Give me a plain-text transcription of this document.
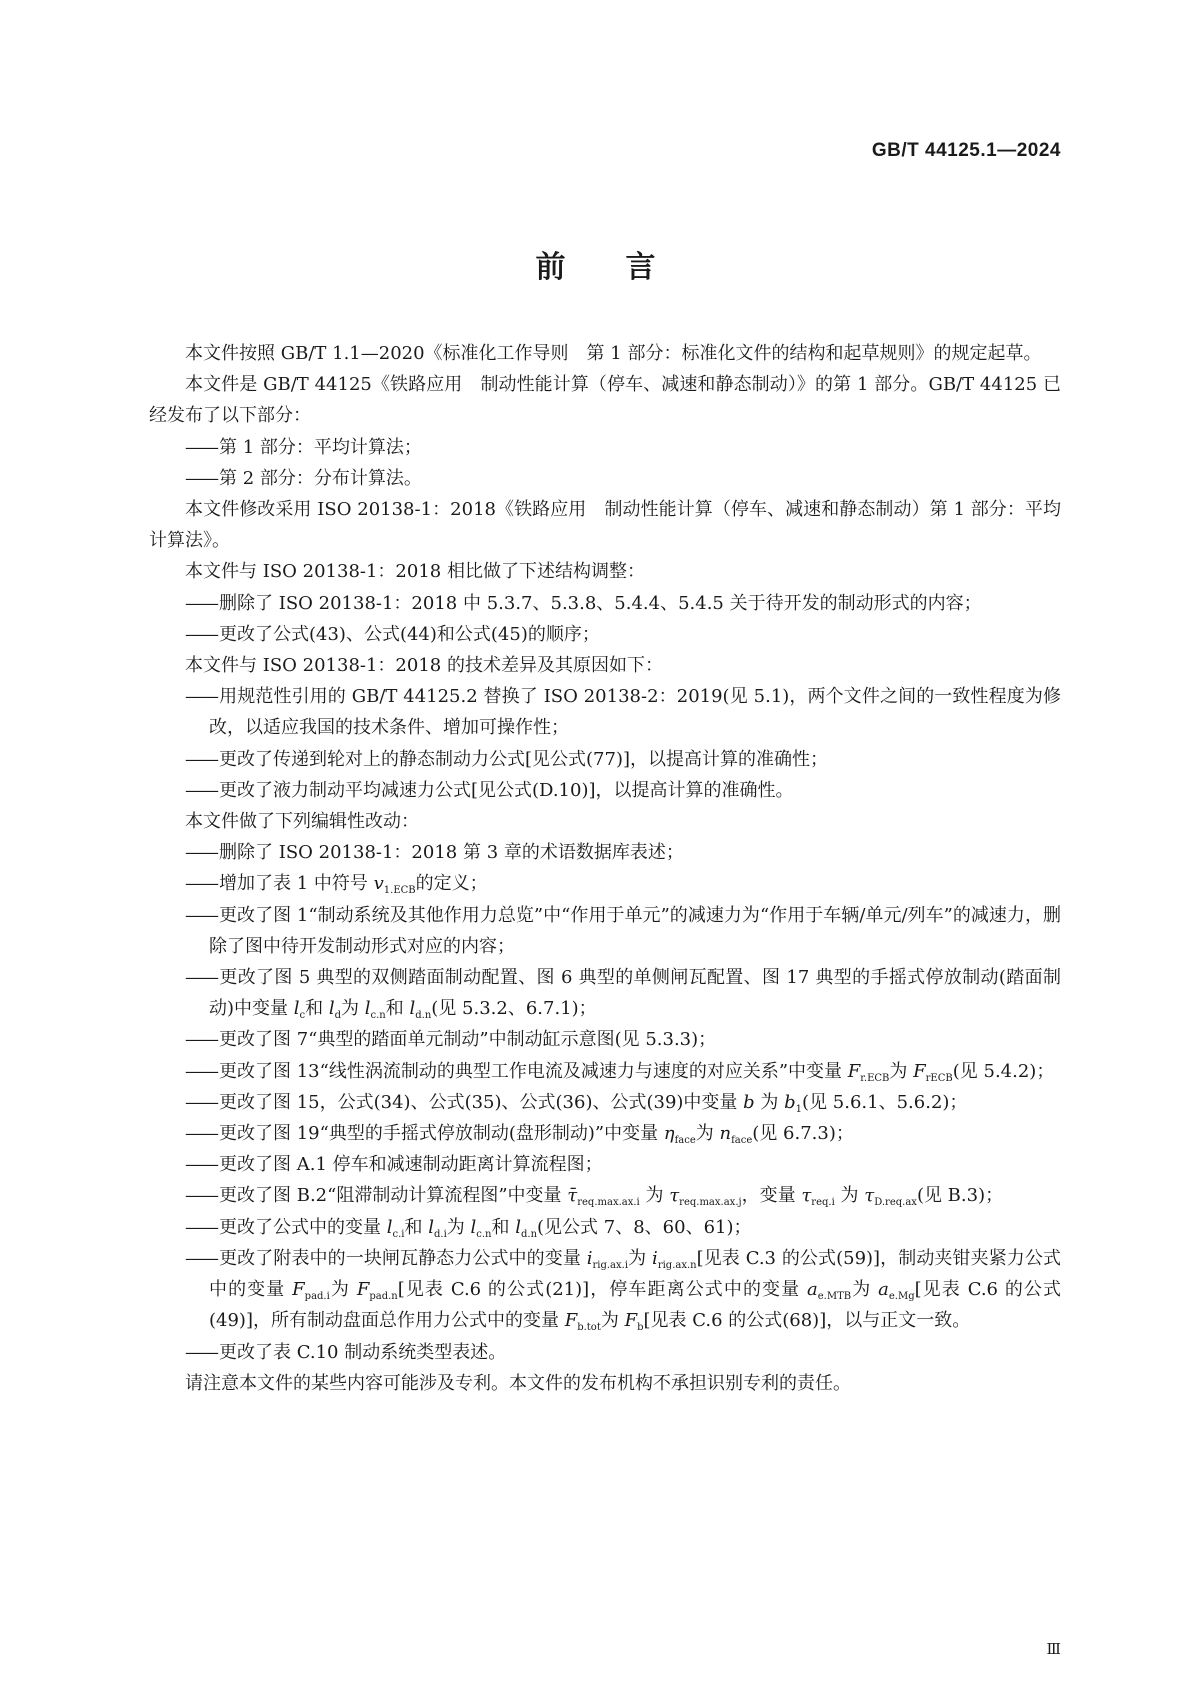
GB/T 44125.1—2024
前言

本文件按照 GB/T 1.1—2020《标准化工作导则　第 1 部分：标准化文件的结构和起草规则》的规定起草。

本文件是 GB/T 44125《铁路应用　制动性能计算（停车、减速和静态制动）》的第 1 部分。GB/T 44125 已经发布了以下部分：

—— 第 1 部分：平均计算法；

—— 第 2 部分：分布计算法。

本文件修改采用 ISO 20138-1：2018《铁路应用　制动性能计算（停车、减速和静态制动）第 1 部分：平均计算法》。

本文件与 ISO 20138-1：2018 相比做了下述结构调整：

—— 删除了 ISO 20138-1：2018 中 5.3.7、5.3.8、5.4.4、5.4.5 关于待开发的制动形式的内容；

—— 更改了公式(43)、公式(44)和公式(45)的顺序；

本文件与 ISO 20138-1：2018 的技术差异及其原因如下：

—— 用规范性引用的 GB/T 44125.2 替换了 ISO 20138-2：2019(见 5.1)，两个文件之间的一致性程度为修改，以适应我国的技术条件、增加可操作性；

—— 更改了传递到轮对上的静态制动力公式[见公式(77)]，以提高计算的准确性；

—— 更改了液力制动平均减速力公式[见公式(D.10)]，以提高计算的准确性。

本文件做了下列编辑性改动：

—— 删除了 ISO 20138-1：2018 第 3 章的术语数据库表述；

—— 增加了表 1 中符号 $v_{1.ECB}$的定义；

—— 更改了图 1“制动系统及其他作用力总览”中“作用于单元”的减速力为“作用于车辆/单元/列车”的减速力，删除了图中待开发制动形式对应的内容；

—— 更改了图 5 典型的双侧踏面制动配置、图 6 典型的单侧闸瓦配置、图 17 典型的手摇式停放制动(踏面制动)中变量 $l_c$和 $l_d$为 $l_{c.n}$和 $l_{d.n}$(见 5.3.2、6.7.1)；

—— 更改了图 7“典型的踏面单元制动”中制动缸示意图(见 5.3.3)；

—— 更改了图 13“线性涡流制动的典型工作电流及减速力与速度的对应关系”中变量 $F_{r.ECB}$为 $F_{rECB}$(见 5.4.2)；

—— 更改了图 15，公式(34)、公式(35)、公式(36)、公式(39)中变量 b 为 $b_1$(见 5.6.1、5.6.2)；

—— 更改了图 19“典型的手摇式停放制动(盘形制动)”中变量 $\eta_{face}$为 $n_{face}$(见 6.7.3)；

—— 更改了图 A.1 停车和减速制动距离计算流程图；

—— 更改了图 B.2“阻滞制动计算流程图”中变量 $\taū_{req.max.ax.i}$ 为 $\tau_{req.max.ax.j}$，变量 $\tau_{req.i}$ 为 $\tau_{D.req.ax}$(见 B.3)；

—— 更改了公式中的变量 $l_{c.i}$和 $l_{d.i}$为 $l_{c.n}$和 $l_{d.n}$(见公式 7、8、60、61)；

—— 更改了附表中的一块闸瓦静态力公式中的变量 $i_{rig.ax.i}$为 $i_{rig.ax.n}$[见表 C.3 的公式(59)]，制动夹钳夹紧力公式中的变量 $F_{pad.i}$为 $F_{pad.n}$[见表 C.6 的公式(21)]，停车距离公式中的变量 $a_{e.MTB}$为 $a_{e.Mg}$[见表 C.6 的公式(49)]，所有制动盘面总作用力公式中的变量 $F_{b.tot}$为 $F_b$[见表 C.6 的公式(68)]，以与正文一致。

—— 更改了表 C.10 制动系统类型表述。

请注意本文件的某些内容可能涉及专利。本文件的发布机构不承担识别专利的责任。

Ⅲ
